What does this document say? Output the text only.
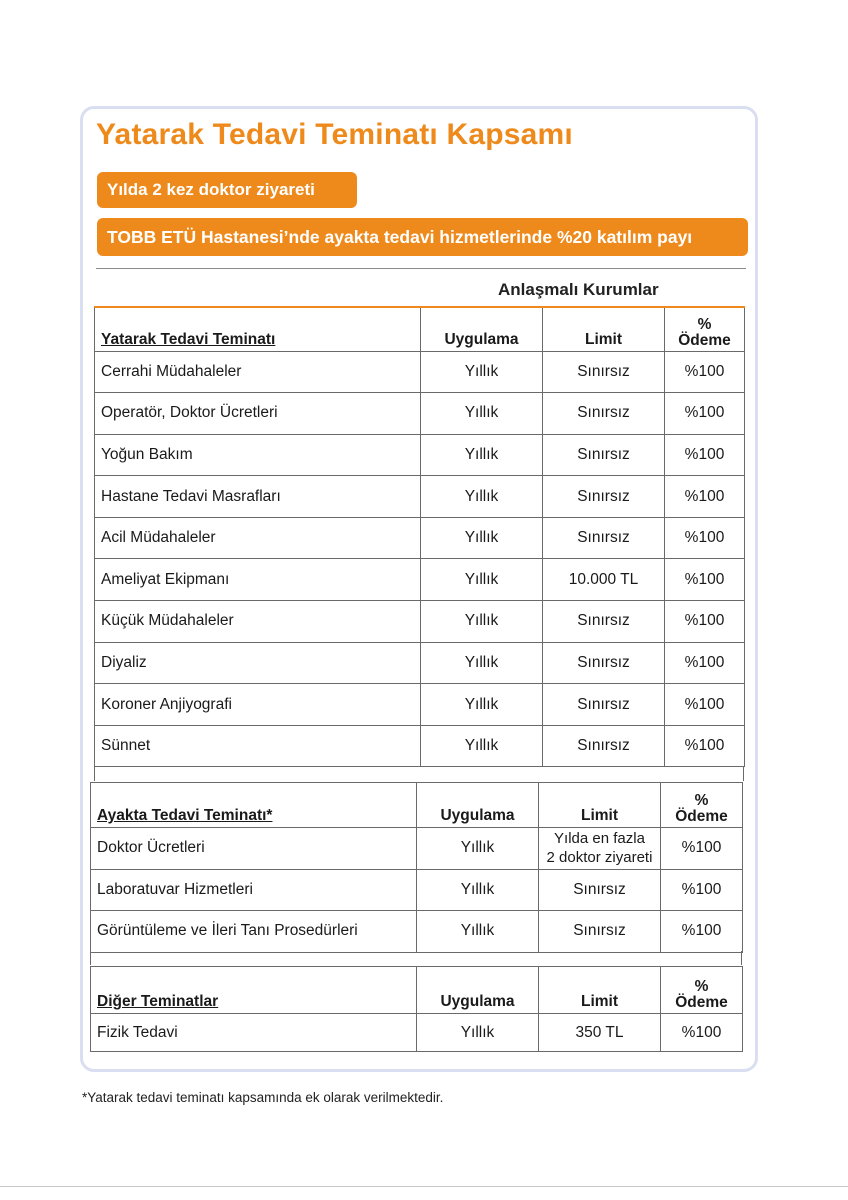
Yatarak Tedavi Teminatı Kapsamı
Yılda 2 kez doktor ziyareti
TOBB ETÜ Hastanesi’nde ayakta tedavi hizmetlerinde %20 katılım payı
Anlaşmalı Kurumlar
Yatarak Tedavi Teminatı	Uygulama	Limit	%
Ödeme
Cerrahi Müdahaleler	Yıllık	Sınırsız	%100
Operatör, Doktor Ücretleri	Yıllık	Sınırsız	%100
Yoğun Bakım	Yıllık	Sınırsız	%100
Hastane Tedavi Masrafları	Yıllık	Sınırsız	%100
Acil Müdahaleler	Yıllık	Sınırsız	%100
Ameliyat Ekipmanı	Yıllık	10.000 TL	%100
Küçük Müdahaleler	Yıllık	Sınırsız	%100
Diyaliz	Yıllık	Sınırsız	%100
Koroner Anjiyografi	Yıllık	Sınırsız	%100
Sünnet	Yıllık	Sınırsız	%100
Ayakta Tedavi Teminatı*	Uygulama	Limit	%
Ödeme
Doktor Ücretleri	Yıllık	Yılda en fazla
2 doktor ziyareti	%100
Laboratuvar Hizmetleri	Yıllık	Sınırsız	%100
Görüntüleme ve İleri Tanı Prosedürleri	Yıllık	Sınırsız	%100
Diğer Teminatlar	Uygulama	Limit	%
Ödeme
Fizik Tedavi	Yıllık	350 TL	%100
*Yatarak tedavi teminatı kapsamında ek olarak verilmektedir.
